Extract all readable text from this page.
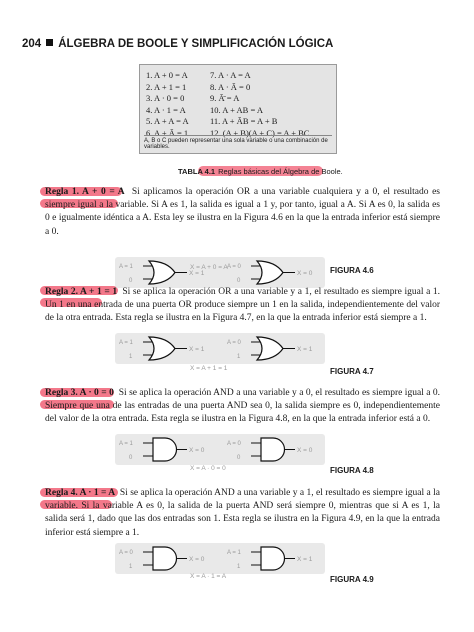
204 ÁLGEBRA DE BOOLE Y SIMPLIFICACIÓN LÓGICA
1. A + 0 = A
2. A + 1 = 1
3. A · 0 = 0
4. A · 1 = A
5. A + A = A
6. A + Ā = 1
7. A · A = A
8. A · Ā = 0
9. Ā̄ = A
10. A + AB = A
11. A + ĀB = A + B
12. (A + B)(A + C) = A + BC
A, B o C pueden representar una sola variable o una combinación de variables.
TABLA 4.1 Reglas básicas del Álgebra de Boole.
Regla 1. A + 0 = A Si aplicamos la operación OR a una variable cualquiera y a 0, el resultado es siempre igual a la variable. Si A es 1, la salida es igual a 1 y, por tanto, igual a A. Si A es 0, la salida es 0 e igualmente idéntica a A. Esta ley se ilustra en la Figura 4.6 en la que la entrada inferior está siempre a 0.
A = 1
0
X = 1
A = 0
0
X = 0
X = A + 0 = A	FIGURA 4.6
Regla 2. A + 1 = 1 Si se aplica la operación OR a una variable y a 1, el resultado es siempre igual a 1. Un 1 en una entrada de una puerta OR produce siempre un 1 en la salida, independientemente del valor de la otra entrada. Esta regla se ilustra en la Figura 4.7, en la que la entrada inferior está siempre a 1.
A = 1
1
X = 1
A = 0
1
X = 1
X = A + 1 = 1	FIGURA 4.7
Regla 3. A · 0 = 0 Si se aplica la operación AND a una variable y a 0, el resultado es siempre igual a 0. Siempre que una de las entradas de una puerta AND sea 0, la salida siempre es 0, independientemente del valor de la otra entrada. Esta regla se ilustra en la Figura 4.8, en la que la entrada inferior está a 0.
A = 1
0
X = 0
A = 0
0
X = 0
X = A · 0 = 0	FIGURA 4.8
Regla 4. A · 1 = A Si se aplica la operación AND a una variable y a 1, el resultado es siempre igual a la variable. Si la variable A es 0, la salida de la puerta AND será siempre 0, mientras que si A es 1, la salida será 1, dado que las dos entradas son 1. Esta regla se ilustra en la Figura 4.9, en la que la entrada inferior está siempre a 1.
A = 0
1
X = 0
A = 1
1
X = 1
X = A · 1 = A	FIGURA 4.9
